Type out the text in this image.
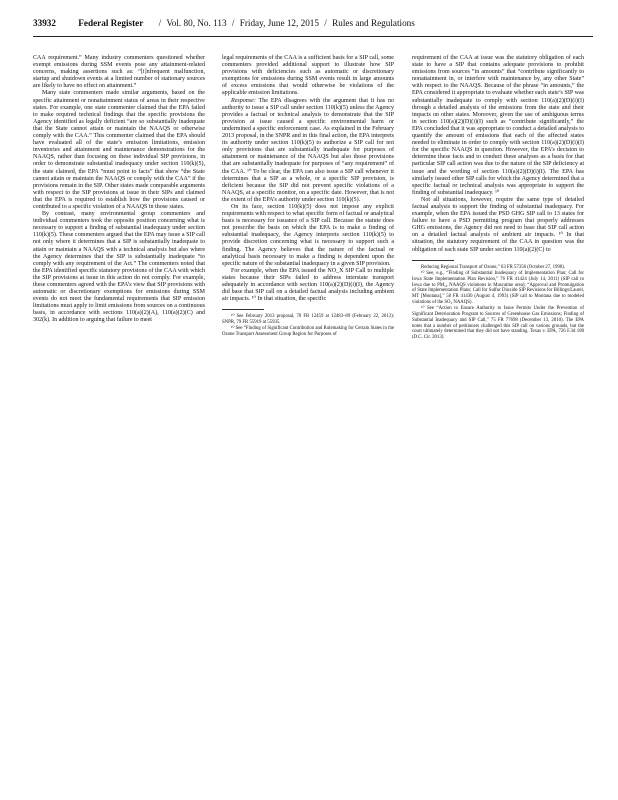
33932 Federal Register / Vol. 80, No. 113 / Friday, June 12, 2015 / Rules and Regulations

CAA requirement.” Many industry commenters questioned whether exempt emissions during SSM events pose any attainment-related concerns, making assertions such as: “[i]nfrequent malfunction, startup and shutdown events at a limited number of stationary sources are likely to have no effect on attainment.”

Many state commenters made similar arguments, based on the specific attainment or nonattainment status of areas in their respective states. For example, one state commenter claimed that the EPA failed to make required technical findings that the specific provisions the Agency identified as legally deficient “are so substantially inadequate that the State cannot attain or maintain the NAAQS or otherwise comply with the CAA.” This commenter claimed that the EPA should have evaluated all of the state’s emission limitations, emission inventories and attainment and maintenance demonstrations for the NAAQS, rather than focusing on these individual SIP provisions, in order to demonstrate substantial inadequacy under section 110(k)(5), the state claimed, the EPA “must point to facts” that show “the State cannot attain or maintain the NAAQS or comply with the CAA” if the provisions remain in the SIP. Other states made comparable arguments with respect to the SIP provisions at issue in their SIPs and claimed that the EPA is required to establish how the provisions caused or contributed to a specific violation of a NAAQS in those states.

By contrast, many environmental group commenters and individual commenters took the opposite position concerning what is necessary to support a finding of substantial inadequacy under section 110(k)(5). These commenters argued that the EPA may issue a SIP call not only where it determines that a SIP is substantially inadequate to attain or maintain a NAAQS with a technical analysis but also where the Agency determines that the SIP is substantially inadequate “to comply with any requirement of the Act.” The commenters noted that the EPA identified specific statutory provisions of the CAA with which the SIP provisions at issue in this action do not comply. For example, these commenters agreed with the EPA’s view that SIP provisions with automatic or discretionary exemptions for emissions during SSM events do not meet the fundamental requirements that SIP emission limitations must apply to limit emissions from sources on a continuous basis, in accordance with sections 110(a)(2)(A), 110(a)(2)(C) and 302(k). In addition to arguing that failure to meet

legal requirements of the CAA is a sufficient basis for a SIP call, some commenters provided additional support to illustrate how SIP provisions with deficiencies such as automatic or discretionary exemptions for emissions during SSM events result in large amounts of excess emissions that would otherwise be violations of the applicable emission limitations.

Response: The EPA disagrees with the argument that it has no authority to issue a SIP call under section 110(k)(5) unless the Agency provides a factual or technical analysis to demonstrate that the SIP provision at issue caused a specific environmental harm or undermined a specific enforcement case. As explained in the February 2013 proposal, in the SNPR and in this final action, the EPA interprets its authority under section 110(k)(5) to authorize a SIP call for not only provisions that are substantially inadequate for purposes of attainment or maintenance of the NAAQS but also those provisions that are substantially inadequate for purposes of “any requirement” of the CAA. ¹⁰ To be clear, the EPA can also issue a SIP call whenever it determines that a SIP as a whole, or a specific SIP provision, is deficient because the SIP did not prevent specific violations of a NAAQS, at a specific monitor, on a specific date. However, that is not the extent of the EPA’s authority under section 110(k)(5).

On its face, section 110(k)(5) does not impose any explicit requirements with respect to what specific form of factual or analytical basis is necessary for issuance of a SIP call. Because the statute does not prescribe the basis on which the EPA is to make a finding of substantial inadequacy, the Agency interprets section 110(k)(5) to provide discretion concerning what is necessary to support such a finding. The Agency believes that the nature of the factual or analytical basis necessary to make a finding is dependent upon the specific nature of the substantial inadequacy in a given SIP provision.

For example, when the EPA issued the NO_X SIP Call to multiple states because their SIPs failed to address interstate transport adequately in accordance with section 110(a)(2)(D)(i)(I), the Agency did base that SIP call on a detailed factual analysis including ambient air impacts. ¹⁰ In that situation, the specific

¹⁰ See February 2013 proposal, 78 FR 12459 at 12483–89 (February 22, 2013); SNPR, 79 FR 55919 at 55935.

¹⁰ See “Finding of Significant Contribution and Rulemaking for Certain States in the Ozone Transport Assessment Group Region for Purposes of

requirement of the CAA at issue was the statutory obligation of each state to have a SIP that contains adequate provisions to prohibit emissions from sources “in amounts” that “contribute significantly to nonattainment in, or interfere with maintenance by, any other State” with respect to the NAAQS. Because of the phrase “in amounts,” the EPA considered it appropriate to evaluate whether each state’s SIP was substantially inadequate to comply with section 110(a)(2)(D)(i)(I) through a detailed analysis of the emissions from the state and their impacts on other states. Moreover, given the use of ambiguous terms in section 110(a)(2)(D)(i)(I) such as “contribute significantly,” the EPA concluded that it was appropriate to conduct a detailed analysis to quantify the amount of emissions that each of the affected states needed to eliminate in order to comply with section 110(a)(2)(D)(i)(I) for the specific NAAQS in question. However, the EPA’s decision to determine these facts and to conduct these analyses as a basis for that particular SIP call action was due to the nature of the SIP deficiency at issue and the wording of section 110(a)(2)(D)(i)(I). The EPA has similarly issued other SIP calls for which the Agency determined that a specific factual or technical analysis was appropriate to support the finding of substantial inadequacy. ¹⁰

Not all situations, however, require the same type of detailed factual analysis to support the finding of substantial inadequacy. For example, when the EPA issued the PSD GHG SIP call to 13 states for failure to have a PSD permitting program that properly addresses GHG emissions, the Agency did not need to base that SIP call action on a detailed factual analysis of ambient air impacts. ¹⁰ In that situation, the statutory requirement of the CAA in question was the obligation of each state SIP under section 110(a)(2)(C) to

Reducing Regional Transport of Ozone,” 63 FR 57356 (October 27, 1998).

¹⁰ See, e.g., “Finding of Substantial Inadequacy of Implementation Plan; Call for Iowa State Implementation Plan Revision,” 76 FR 41424 (July 14, 2011) (SIP call to Iowa due to PM₁₀ NAAQS violations in Muscatine area); “Approval and Promulgation of State Implementation Plans; Call for Sulfur Dioxide SIP Revisions for Billings/Laurel, MT [Montana],” 58 FR 41430 (August 4, 1993) (SIP call to Montana due to modeled violations of the SO₂ NAAQS).

¹⁰ See “Action to Ensure Authority to Issue Permits Under the Prevention of Significant Deterioration Program to Sources of Greenhouse Gas Emissions; Finding of Substantial Inadequacy and SIP Call,” 75 FR 77698 (December 13, 2010). The EPA notes that a number of petitioners challenged this SIP call on various grounds, but the court ultimately determined that they did not have standing. Texas v. EPA, 726 F.3d 180 (D.C. Cir. 2013).
